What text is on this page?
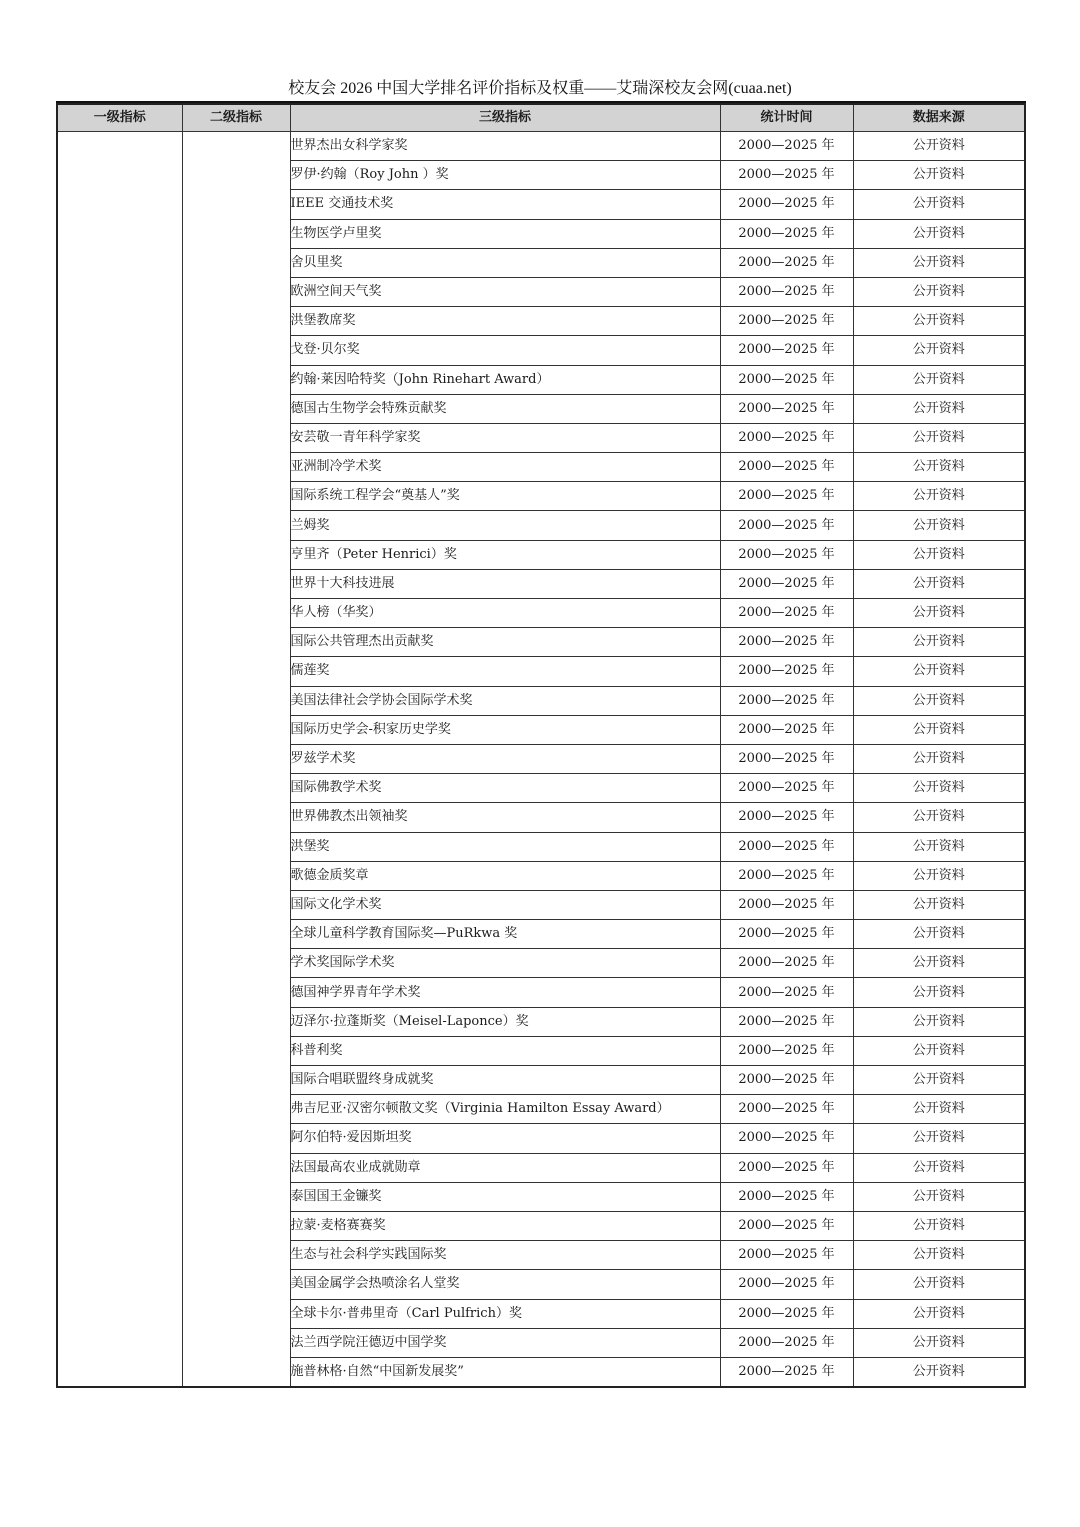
校友会 2026 中国大学排名评价指标及权重——艾瑞深校友会网(cuaa.net)
一级指标	二级指标	三级指标	统计时间	数据来源
		世界杰出女科学家奖	2000—2025 年	公开资料
		罗伊·约翰（Roy John ）奖	2000—2025 年	公开资料
		IEEE 交通技术奖	2000—2025 年	公开资料
		生物医学卢里奖	2000—2025 年	公开资料
		舍贝里奖	2000—2025 年	公开资料
		欧洲空间天气奖	2000—2025 年	公开资料
		洪堡教席奖	2000—2025 年	公开资料
		戈登·贝尔奖	2000—2025 年	公开资料
		约翰·莱因哈特奖（John Rinehart Award）	2000—2025 年	公开资料
		德国古生物学会特殊贡献奖	2000—2025 年	公开资料
		安芸敬一青年科学家奖	2000—2025 年	公开资料
		亚洲制冷学术奖	2000—2025 年	公开资料
		国际系统工程学会“奠基人”奖	2000—2025 年	公开资料
		兰姆奖	2000—2025 年	公开资料
		亨里齐（Peter Henrici）奖	2000—2025 年	公开资料
		世界十大科技进展	2000—2025 年	公开资料
		华人榜（华奖）	2000—2025 年	公开资料
		国际公共管理杰出贡献奖	2000—2025 年	公开资料
		儒莲奖	2000—2025 年	公开资料
		美国法律社会学协会国际学术奖	2000—2025 年	公开资料
		国际历史学会-积家历史学奖	2000—2025 年	公开资料
		罗兹学术奖	2000—2025 年	公开资料
		国际佛教学术奖	2000—2025 年	公开资料
		世界佛教杰出领袖奖	2000—2025 年	公开资料
		洪堡奖	2000—2025 年	公开资料
		歌德金质奖章	2000—2025 年	公开资料
		国际文化学术奖	2000—2025 年	公开资料
		全球儿童科学教育国际奖—PuRkwa 奖	2000—2025 年	公开资料
		学术奖国际学术奖	2000—2025 年	公开资料
		德国神学界青年学术奖	2000—2025 年	公开资料
		迈泽尔·拉蓬斯奖（Meisel-Laponce）奖	2000—2025 年	公开资料
		科普利奖	2000—2025 年	公开资料
		国际合唱联盟终身成就奖	2000—2025 年	公开资料
		弗吉尼亚·汉密尔顿散文奖（Virginia Hamilton Essay Award）	2000—2025 年	公开资料
		阿尔伯特·爱因斯坦奖	2000—2025 年	公开资料
		法国最高农业成就勋章	2000—2025 年	公开资料
		泰国国王金镰奖	2000—2025 年	公开资料
		拉蒙·麦格赛赛奖	2000—2025 年	公开资料
		生态与社会科学实践国际奖	2000—2025 年	公开资料
		美国金属学会热喷涂名人堂奖	2000—2025 年	公开资料
		全球卡尔·普弗里奇（Carl Pulfrich）奖	2000—2025 年	公开资料
		法兰西学院汪德迈中国学奖	2000—2025 年	公开资料
		施普林格·自然“中国新发展奖”	2000—2025 年	公开资料
